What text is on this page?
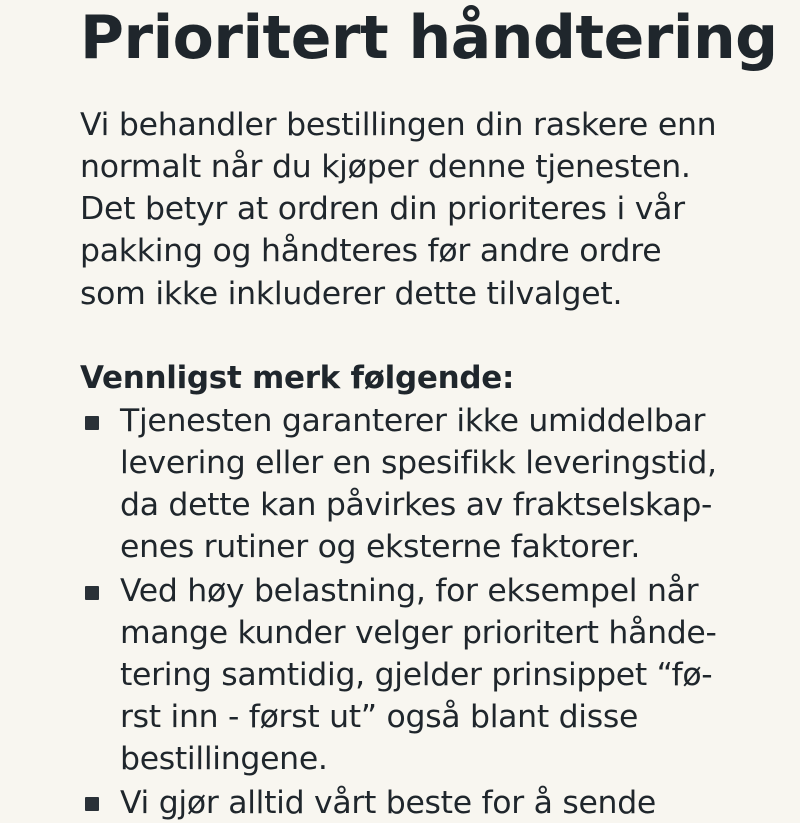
Prioritert håndtering
Vi behandler bestillingen din raskere enn
normalt når du kjøper denne tjenesten.
Det betyr at ordren din prioriteres i vår
pakking og håndteres før andre ordre
som ikke inkluderer dette tilvalget.
Vennligst merk følgende:
Tjenesten garanterer ikke umiddelbar
levering eller en spesifikk leveringstid,
da dette kan påvirkes av fraktselskap-
enes rutiner og eksterne faktorer.
Ved høy belastning, for eksempel når
mange kunder velger prioritert hånde-
tering samtidig, gjelder prinsippet “fø-
rst inn - først ut” også blant disse
bestillingene.
Vi gjør alltid vårt beste for å sende
